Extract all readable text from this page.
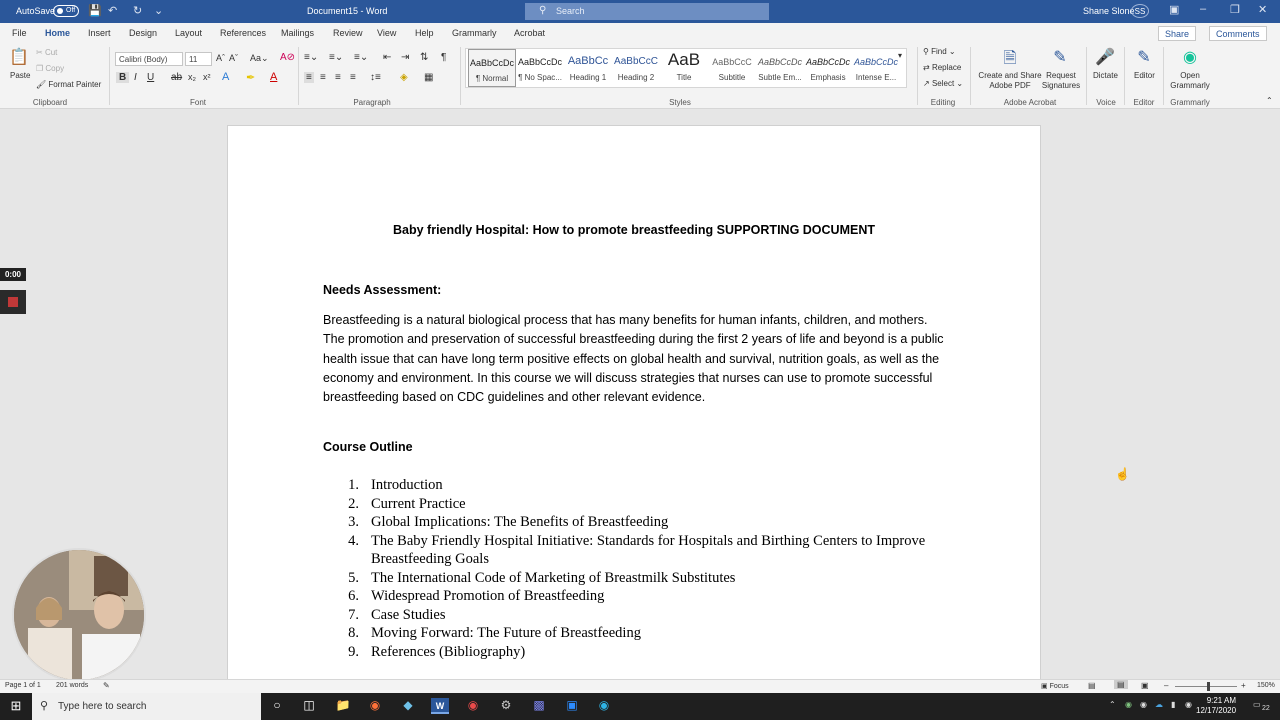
AutoSave	Off	💾 ↶ ↻ ⌄	Document15 - Word	⚲ Search	Shane Slone SS	▣ – ❐ ✕
File Home Insert Design Layout References Mailings Review View Help Grammarly Acrobat	Share	Comments
📋
Paste
✂ Cut
❐ Copy
🖌 Format Painter
Clipboard
Calibri (Body)	11	Aˆ Aˇ Aa⌄ A⊘
B I U ab x₂ x² A ✒ A
Font
≡⌄ ≡⌄ ≡⌄ ⇤ ⇥ ⇅ ¶
≡ ≡ ≡ ≡ ↕≡ ◈ ▦
Paragraph
AaBbCcDc
¶ Normal
AaBbCcDc
¶ No Spac...
AaBbCc
Heading 1
AaBbCcC
Heading 2
AaB
Title
AaBbCcC
Subtitle
AaBbCcDc
Subtle Em...
AaBbCcDc
Emphasis
AaBbCcDc
Intense E...
▾
Styles
⚲ Find ⌄
⇄ Replace
↗ Select ⌄
Editing
🗎
Create and Share Adobe PDF
✎
Request Signatures
Adobe Acrobat
🎤
Dictate
Voice
✎
Editor
Editor
◉
Open Grammarly
Grammarly	⌃
Baby friendly Hospital: How to promote breastfeeding SUPPORTING DOCUMENT
Needs Assessment:
Breastfeeding is a natural biological process that has many benefits for human infants, children, and mothers. The promotion and preservation of successful breastfeeding during the first 2 years of life and beyond is a public health issue that can have long term positive effects on global health and survival, nutrition goals, as well as the economy and environment. In this course we will discuss strategies that nurses can use to promote successful breastfeeding based on CDC guidelines and other relevant evidence.
Course Outline
1. Introduction
2. Current Practice
3. Global Implications: The Benefits of Breastfeeding
4. The Baby Friendly Hospital Initiative: Standards for Hospitals and Birthing Centers to Improve Breastfeeding Goals
5. The International Code of Marketing of Breastmilk Substitutes
6. Widespread Promotion of Breastfeeding
7. Case Studies
8. Moving Forward: The Future of Breastfeeding
9. References (Bibliography)
0:00
☝
Page 1 of 1 201 words ✎	▣ Focus ▤	▤	▣ –	+ 150%
⊞	⚲ Type here to search	○	◫ 📁	◉	◆	W	◉	⚙	▩ ▣	◉	⌃ ◉ ◉ ☁ ▮ ◉	9:21 AM
12/17/2020
▭ 22
